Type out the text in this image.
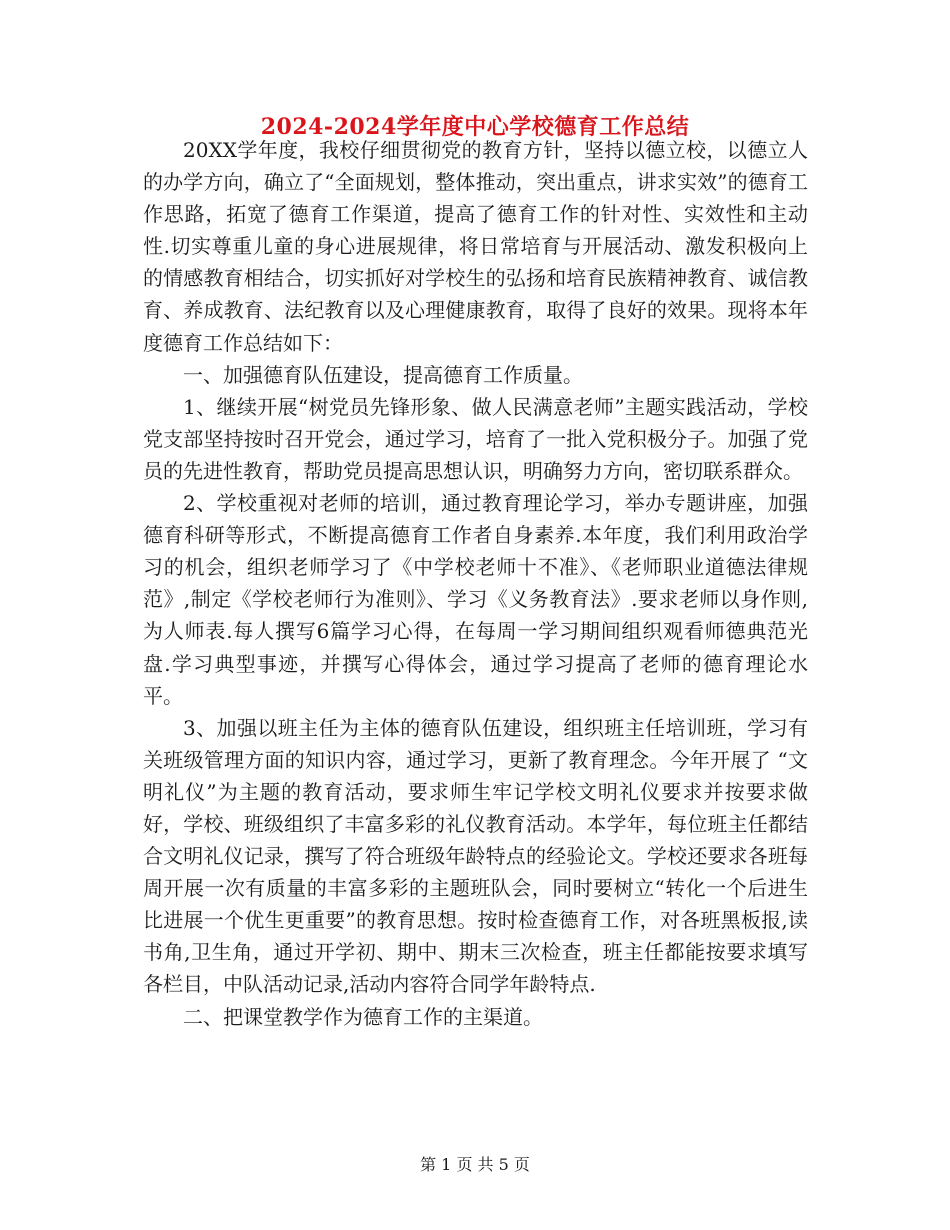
2024-2024学年度中心学校德育工作总结

20XX学年度，我校仔细贯彻党的教育方针，坚持以德立校，以德立人的办学方向，确立了“全面规划，整体推动，突出重点，讲求实效”的德育工作思路，拓宽了德育工作渠道，提高了德育工作的针对性、实效性和主动性.切实尊重儿童的身心进展规律，将日常培育与开展活动、激发积极向上的情感教育相结合，切实抓好对学校生的弘扬和培育民族精神教育、诚信教育、养成教育、法纪教育以及心理健康教育，取得了良好的效果。现将本年度德育工作总结如下：

一、加强德育队伍建设，提高德育工作质量。

1、继续开展“树党员先锋形象、做人民满意老师”主题实践活动，学校党支部坚持按时召开党会，通过学习，培育了一批入党积极分子。加强了党员的先进性教育，帮助党员提高思想认识，明确努力方向，密切联系群众。

2、学校重视对老师的培训，通过教育理论学习，举办专题讲座，加强德育科研等形式，不断提高德育工作者自身素养.本年度，我们利用政治学习的机会，组织老师学习了《中学校老师十不准》、《老师职业道德法律规范》,制定《学校老师行为准则》、学习《义务教育法》.要求老师以身作则,为人师表.每人撰写6篇学习心得，在每周一学习期间组织观看师德典范光盘.学习典型事迹，并撰写心得体会，通过学习提高了老师的德育理论水平。

3、加强以班主任为主体的德育队伍建设，组织班主任培训班，学习有关班级管理方面的知识内容，通过学习，更新了教育理念。今年开展了 “文明礼仪”为主题的教育活动，要求师生牢记学校文明礼仪要求并按要求做好，学校、班级组织了丰富多彩的礼仪教育活动。本学年，每位班主任都结合文明礼仪记录，撰写了符合班级年龄特点的经验论文。学校还要求各班每周开展一次有质量的丰富多彩的主题班队会，同时要树立“转化一个后进生比进展一个优生更重要”的教育思想。按时检查德育工作，对各班黑板报,读书角,卫生角，通过开学初、期中、期末三次检查，班主任都能按要求填写各栏目，中队活动记录,活动内容符合同学年龄特点.

二、把课堂教学作为德育工作的主渠道。

第 1 页 共 5 页
